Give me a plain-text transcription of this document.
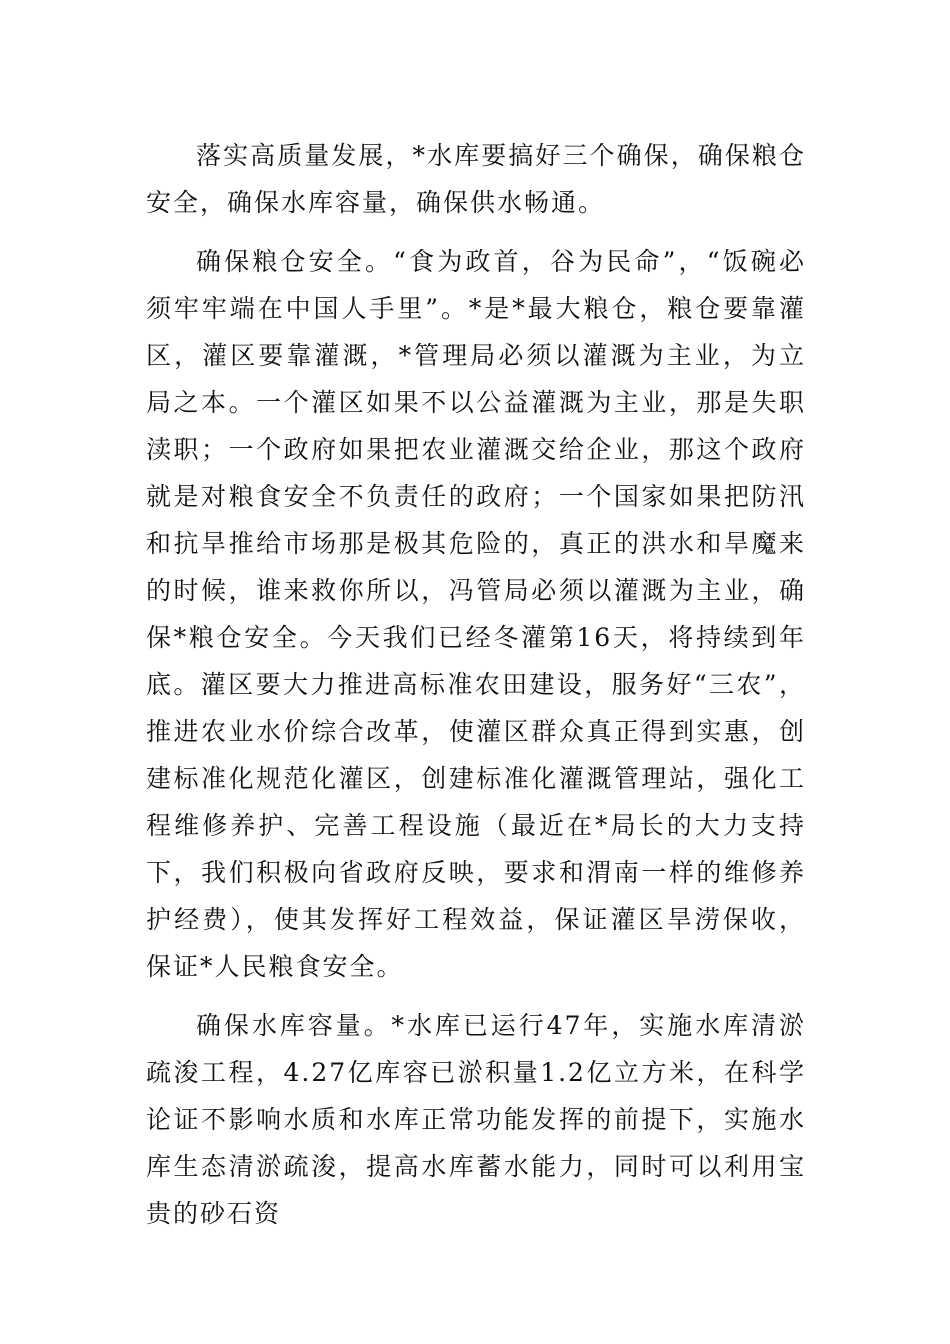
落实高质量发展，*水库要搞好三个确保，确保粮仓安全，确保水库容量，确保供水畅通。

确保粮仓安全。“食为政首，谷为民命”，“饭碗必须牢牢端在中国人手里”。*是*最大粮仓，粮仓要靠灌区，灌区要靠灌溉，*管理局必须以灌溉为主业，为立局之本。一个灌区如果不以公益灌溉为主业，那是失职渎职；一个政府如果把农业灌溉交给企业，那这个政府就是对粮食安全不负责任的政府；一个国家如果把防汛和抗旱推给市场那是极其危险的，真正的洪水和旱魔来的时候，谁来救你所以，冯管局必须以灌溉为主业，确保*粮仓安全。今天我们已经冬灌第16天，将持续到年底。灌区要大力推进高标准农田建设，服务好“三农”，推进农业水价综合改革，使灌区群众真正得到实惠，创建标准化规范化灌区，创建标准化灌溉管理站，强化工程维修养护、完善工程设施（最近在*局长的大力支持下，我们积极向省政府反映，要求和渭南一样的维修养护经费），使其发挥好工程效益，保证灌区旱涝保收，保证*人民粮食安全。

确保水库容量。*水库已运行47年，实施水库清淤疏浚工程，4.27亿库容已淤积量1.2亿立方米，在科学论证不影响水质和水库正常功能发挥的前提下，实施水库生态清淤疏浚，提高水库蓄水能力，同时可以利用宝贵的砂石资
